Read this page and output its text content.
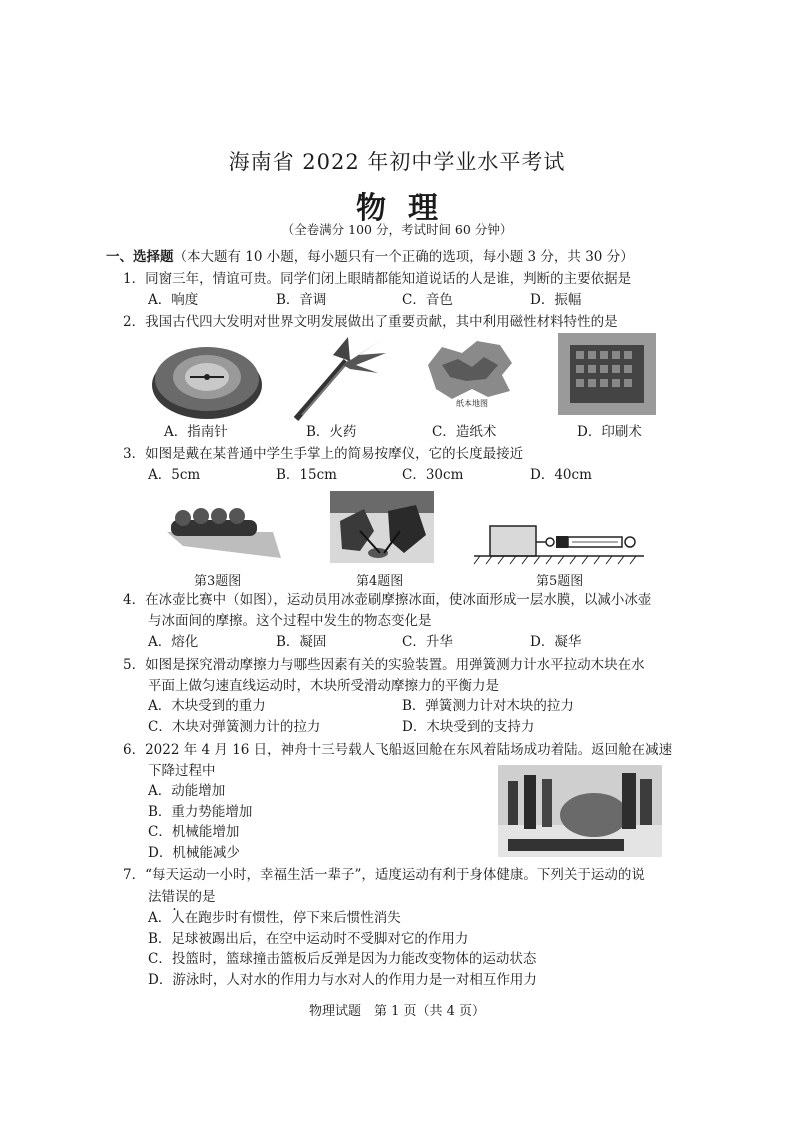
海南省 2022 年初中学业水平考试
物理
（全卷满分 100 分，考试时间 60 分钟）
一、选择题（本大题有 10 小题，每小题只有一个正确的选项，每小题 3 分，共 30 分）
1．同窗三年，情谊可贵。同学们闭上眼睛都能知道说话的人是谁，判断的主要依据是
A．响度	B．音调	C．音色	D．振幅
2．我国古代四大发明对世界文明发展做出了重要贡献，其中利用磁性材料特性的是
纸本地图
A．指南针	B．火药	C．造纸术	D．印刷术
3．如图是戴在某普通中学生手掌上的简易按摩仪，它的长度最接近
A．5cm	B．15cm	C．30cm	D．40cm
第3题图	第4题图	第5题图
4．在冰壶比赛中（如图），运动员用冰壶刷摩擦冰面，使冰面形成一层水膜，以减小冰壶
与冰面间的摩擦。这个过程中发生的物态变化是
A．熔化	B．凝固	C．升华	D．凝华
5．如图是探究滑动摩擦力与哪些因素有关的实验装置。用弹簧测力计水平拉动木块在水
平面上做匀速直线运动时，木块所受滑动摩擦力的平衡力是
A．木块受到的重力	B．弹簧测力计对木块的拉力
C．木块对弹簧测力计的拉力	D．木块受到的支持力
6．2022 年 4 月 16 日，神舟十三号载人飞船返回舱在东风着陆场成功着陆。返回舱在减速
下降过程中
A．动能增加
B．重力势能增加
C．机械能增加
D．机械能减少
7．“每天运动一小时，幸福生活一辈子”，适度运动有利于身体健康。下列关于运动的说
法错误的是
A．人在跑步时有惯性，停下来后惯性消失
B．足球被踢出后，在空中运动时不受脚对它的作用力
C．投篮时，篮球撞击篮板后反弹是因为力能改变物体的运动状态
D．游泳时，人对水的作用力与水对人的作用力是一对相互作用力
物理试题　第 1 页（共 4 页）
